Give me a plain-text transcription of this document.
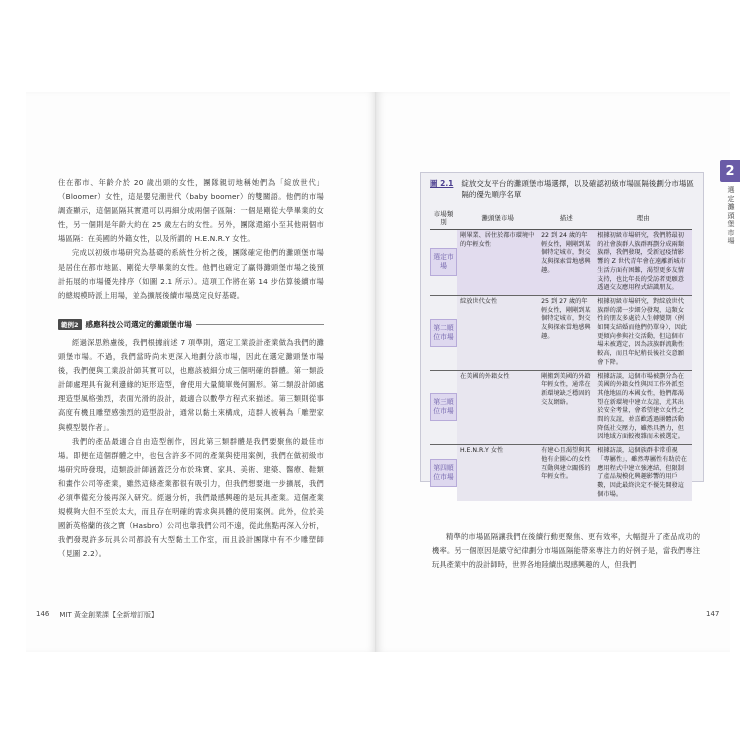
住在都市、年齡介於 20 歲出頭的女性，團隊親切地稱她們為「綻放世代」（Bloomer）女性，這是嬰兒潮世代（baby boomer）的雙關語。他們的市場調查顯示，這個區隔其實還可以再細分成兩個子區隔：一個是剛從大學畢業的女性，另一個則是年齡大約在 25 歲左右的女性。另外，團隊還縮小至其他兩個市場區隔：在美國的外籍女性，以及所謂的 H.E.N.R.Y 女性。

完成以初級市場研究為基礎的系統性分析之後，團隊確定他們的灘頭堡市場是居住在都市地區、剛從大學畢業的女性。他們也確定了贏得灘頭堡市場之後預計拓展的市場優先排序（如圖 2.1 所示）。這項工作將在第 14 步估算後續市場的總規模時派上用場，並為擴展後續市場奠定良好基礎。

範例2 感應科技公司選定的灘頭堡市場

經過深思熟慮後，我們根據前述 7 項準則，選定工業設計產業做為我們的灘頭堡市場。不過，我們當時尚未更深入地劃分該市場，因此在選定灘頭堡市場後，我們便與工業設計師其實可以，也應該被細分成三個明確的群體。第一類設計師處理具有銳利邊緣的矩形造型，會使用大量簡單幾何圖形。第二類設計師處理造型風格強烈，表面光滑的設計，最適合以數學方程式來描述。第三類則從事高度有機且雕塑感強烈的造型設計，通常以黏土來構成，這群人被稱為「雕塑家與模型製作者」。

我們的產品最適合自由造型創作，因此第三類群體是我們要聚焦的最佳市場。即便在這個群體之中，也包含許多不同的產業與使用案例，我們在做初級市場研究時發現，這類設計師涵蓋泛分布於珠寶、家具、美術、建築、醫療、鞋類和畫作公司等產業，雖然這條產業都很有吸引力，但我們想要進一步擴展，我們必須準備充分後再深入研究。經過分析，我們最感興趣的是玩具產業。這個產業規模夠大但不至於太大，而且存在明確的需求與具體的使用案例。此外，位於美國新英格蘭的孩之寶（Hasbro）公司也靠我們公司不遠，從此焦點再深入分析，我們發現許多玩具公司都設有大型黏土工作室，而且設計團隊中有不少雕塑師（見圖 2.2）。

146 MIT 黃金創業課【全新增訂版】
2
選定灘頭堡市場
圖 2.1 綻放交友平台的灘頭堡市場選擇，以及確認初級市場區隔後劃分市場區隔的優先順序名單
市場類別	灘頭堡市場	描述	理由

選定市場	剛畢業、居住於都市環境中的年輕女性	22 到 24 歲的年輕女性，剛剛到某個特定城市，對交友與探索當地感興趣。	根據初級市場研究，我們將最初的社會族群人族群再劃分成兩類族群，我們發現，受新冠疫情影響的 Z 世代青年會在遠離新城市生活方面有困難，渴望更多友情支持，也比年長的受訪者更願意透過交友應用程式結識朋友。

第二順位市場	綻放世代女性	25 到 27 歲的年輕女性，剛剛到某個特定城市，對交友與探索當地感興趣。	根據初級市場研究，對綻放世代族群的溝一步細分發現，這類女性的朋友多處於人生轉變期（例如開支結婚而他們仍單身），因此更傾向參與社交活動，但這個市場未被選定，因為該族群流動性較高，而且年紀稍長後社交意願會下降。

第三順位市場	在美國的外籍女性	剛搬到美國的外籍年輕女性，通常在新環境缺乏穩固的交友網絡。	根據訪談，這個市場被劃分為在美國的外籍女性與因工作外派至其他地區的本國女性，他們都渴望在新環境中建立友誼，尤其出於安全考量，會希望建立女性之間的友誼，並喜歡透過團體活動降低社交壓力，雖然具潛力，但因地域方面較複雜而未被選定。

第四順位市場	H.E.N.R.Y 女性	有建心且渴望與其他有企圖心的女性互動與建立關係的年輕女性。	根據訪談，這個族群非常重視「專屬性」，雖然專屬性有助於在應用程式中建立強連結，但限制了產品規模化興趣影響的用戶數，因此最終決定不優先開發這個市場。

精準的市場區隔讓我們在後續行動更聚焦、更有效率，大幅提升了產品成功的機率。另一個原因是嚴守紀律劃分市場區隔能帶來專注力的好例子是，當我們專注玩具產業中的設計師時，世界各地陸續出現感興趣的人，但我們

147
